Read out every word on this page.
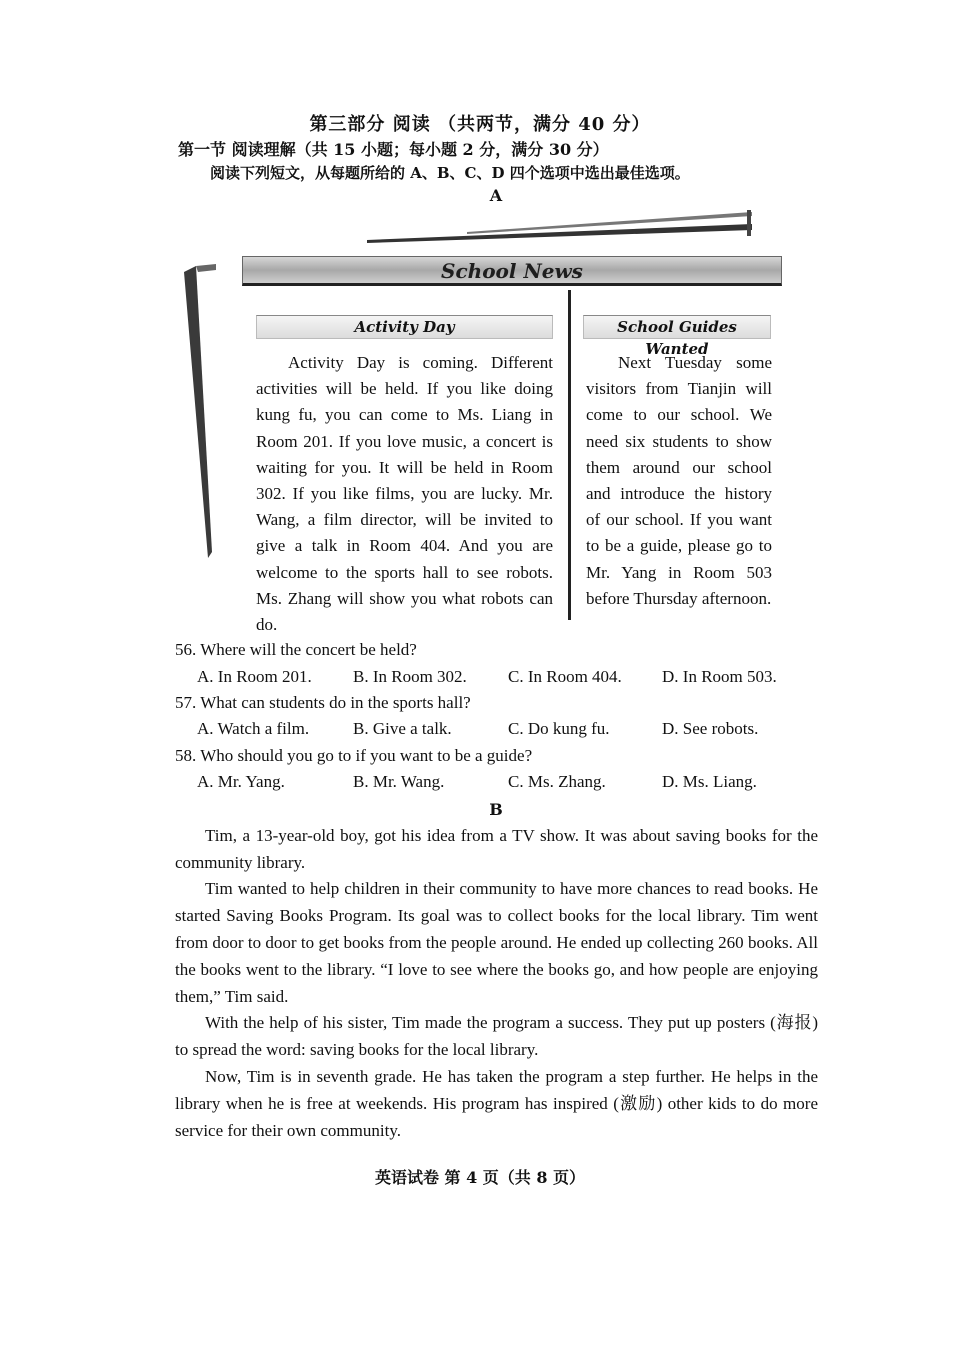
第三部分 阅读 （共两节，满分 40 分）
第一节 阅读理解（共 15 小题；每小题 2 分，满分 30 分）
阅读下列短文，从每题所给的 A、B、C、D 四个选项中选出最佳选项。
A
School News
Activity Day	School Guides Wanted
Activity Day is coming. Different activities will be held. If you like doing kung fu, you can come to Ms. Liang in Room 201. If you love music, a concert is waiting for you. It will be held in Room 302. If you like films, you are lucky. Mr. Wang, a film director, will be invited to give a talk in Room 404. And you are welcome to the sports hall to see robots. Ms. Zhang will show you what robots can do.
Next Tuesday some visitors from Tianjin will come to our school. We need six students to show them around our school and introduce the history of our school. If you want to be a guide, please go to Mr. Yang in Room 503 before Thursday afternoon.
56. Where will the concert be held?
A. In Room 201. B. In Room 302. C. In Room 404. D. In Room 503.
57. What can students do in the sports hall?
A. Watch a film.	B. Give a talk.	C. Do kung fu.	D. See robots.
58. Who should you go to if you want to be a guide?
A. Mr. Yang.	B. Mr. Wang.	C. Ms. Zhang.	D. Ms. Liang.
B
Tim, a 13-year-old boy, got his idea from a TV show. It was about saving books for the community library.
Tim wanted to help children in their community to have more chances to read books. He started Saving Books Program. Its goal was to collect books for the local library. Tim went from door to door to get books from the people around. He ended up collecting 260 books. All the books went to the library. “I love to see where the books go, and how people are enjoying them,” Tim said.
With the help of his sister, Tim made the program a success. They put up posters (海报) to spread the word: saving books for the local library.
Now, Tim is in seventh grade. He has taken the program a step further. He helps in the library when he is free at weekends. His program has inspired (激励) other kids to do more service for their own community.
英语试卷 第 4 页（共 8 页）
